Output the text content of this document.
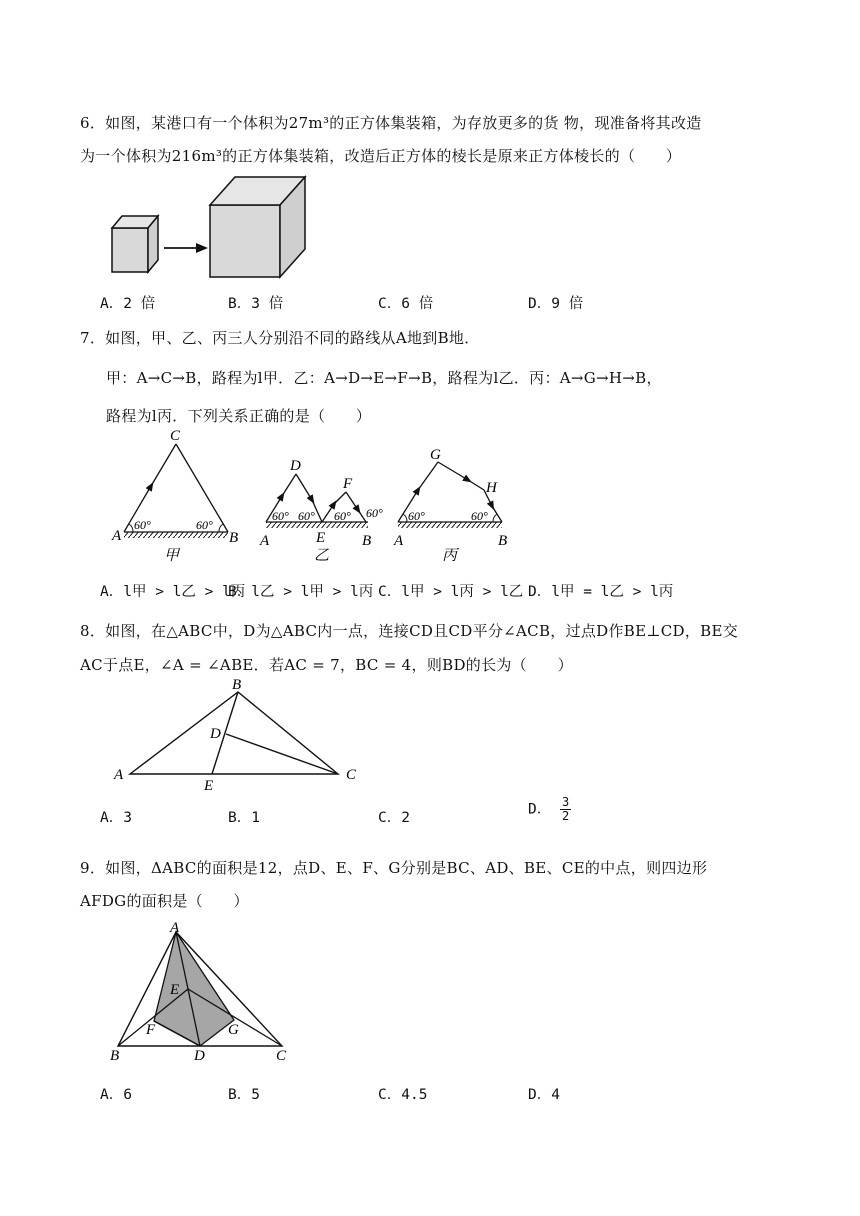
6．如图，某港口有一个体积为27m³的正方体集装箱，为存放更多的货 物，现准备将其改造
为一个体积为216m³的正方体集装箱，改造后正方体的棱长是原来正方体棱长的（　　）
A．2 倍	B．3 倍	C．6 倍	D．9 倍
7．如图，甲、乙、丙三人分别沿不同的路线从A地到B地．
甲：A→C→B，路程为l甲．乙：A→D→E→F→B，路程为l乙．丙：A→G→H→B，
路程为l丙．下列关系正确的是（　　）
C
A	B
60°	60°
甲
D
F
A	E B
60° 60° 60° 60°
乙
G
H
A	B
60°	60°
丙
A．l甲 > l乙 > l丙
B．l乙 > l甲 > l丙 C．l甲 > l丙 > l乙 D．l甲 = l乙 > l丙
8．如图，在△ABC中，D为△ABC内一点，连接CD且CD平分∠ACB，过点D作BE⊥CD，BE交
AC于点E，∠A = ∠ABE．若AC = 7，BC = 4，则BD的长为（　　）
B
D
A
E
C
A．3	B．1	C．2
D． $\frac{3}{2}$
9．如图，ΔABC的面积是12，点D、E、F、G分别是BC、AD、BE、CE的中点，则四边形
AFDG的面积是（　　）
A
E
F	G
B	D	C
A．6	B．5	C．4.5	D．4
